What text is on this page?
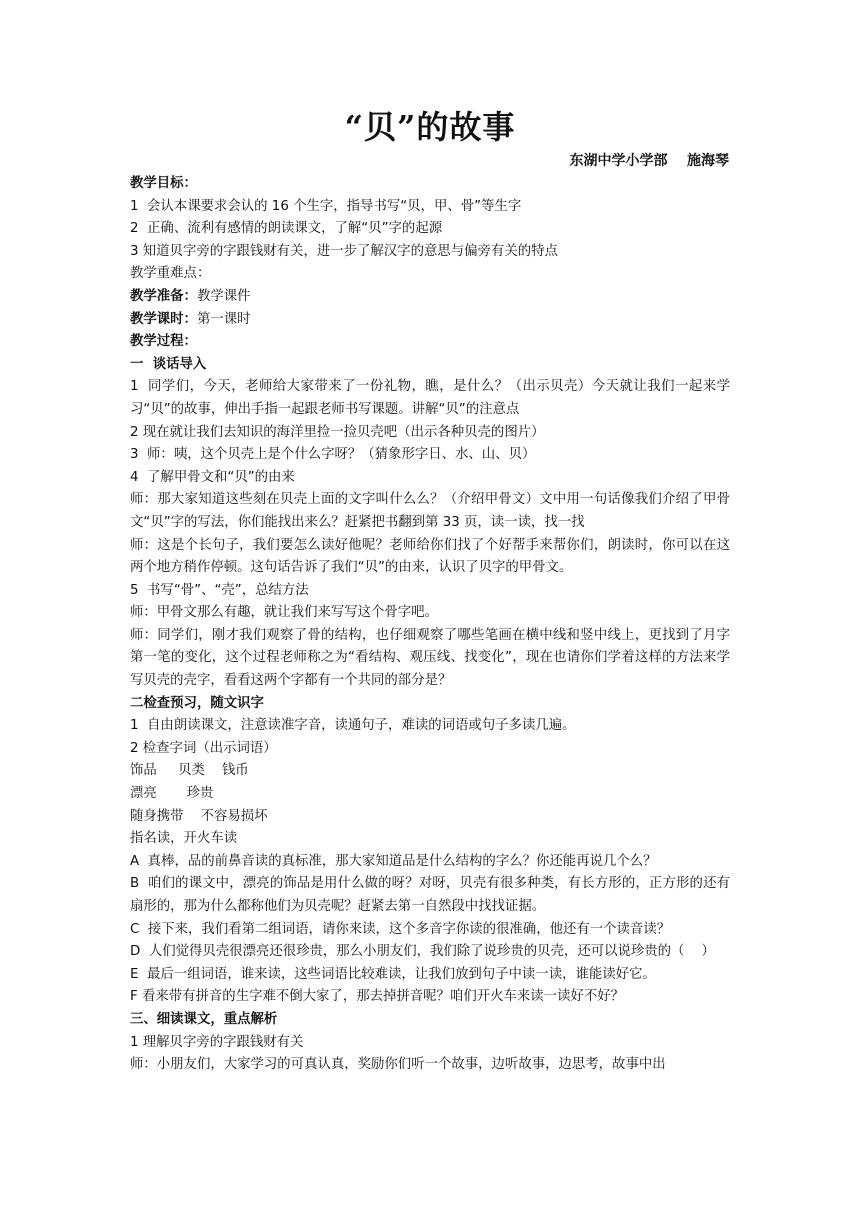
“贝”的故事
东湖中学小学部    施海琴

教学目标：

1  会认本课要求会认的 16 个生字，指导书写“贝，甲、骨”等生字

2  正确、流利有感情的朗读课文，了解“贝”字的起源

3 知道贝字旁的字跟钱财有关，进一步了解汉字的意思与偏旁有关的特点

教学重难点：

教学准备：教学课件

教学课时：第一课时

教学过程：

一  谈话导入

1  同学们，今天，老师给大家带来了一份礼物，瞧，是什么？（出示贝壳）今天就让我们一起来学习“贝”的故事，伸出手指一起跟老师书写课题。讲解“贝”的注意点

2 现在就让我们去知识的海洋里捡一捡贝壳吧（出示各种贝壳的图片）

3  师：咦，这个贝壳上是个什么字呀？（猜象形字日、水、山、贝）

4  了解甲骨文和“贝”的由来

师：那大家知道这些刻在贝壳上面的文字叫什么么？（介绍甲骨文）文中用一句话像我们介绍了甲骨文“贝”字的写法，你们能找出来么？赶紧把书翻到第 33 页，读一读，找一找

师：这是个长句子，我们要怎么读好他呢？老师给你们找了个好帮手来帮你们，朗读时，你可以在这两个地方稍作停顿。这句话告诉了我们“贝”的由来，认识了贝字的甲骨文。

5  书写“骨”、“壳”，总结方法

师：甲骨文那么有趣，就让我们来写写这个骨字吧。

师：同学们，刚才我们观察了骨的结构，也仔细观察了哪些笔画在横中线和竖中线上，更找到了月字第一笔的变化，这个过程老师称之为“看结构、观压线、找变化”，现在也请你们学着这样的方法来学写贝壳的壳字，看看这两个字都有一个共同的部分是？

二检查预习，随文识字

1  自由朗读课文，注意读准字音，读通句子，难读的词语或句子多读几遍。

2 检查字词（出示词语）

饰品     贝类    钱币

漂亮       珍贵

随身携带    不容易损坏

指名读，开火车读

A  真棒，品的前鼻音读的真标准，那大家知道品是什么结构的字么？你还能再说几个么？

B  咱们的课文中，漂亮的饰品是用什么做的呀？对呀，贝壳有很多种类，有长方形的，正方形的还有扇形的，那为什么都称他们为贝壳呢？赶紧去第一自然段中找找证据。

C  接下来，我们看第二组词语，请你来读，这个多音字你读的很准确，他还有一个读音读？

D  人们觉得贝壳很漂亮还很珍贵，那么小朋友们，我们除了说珍贵的贝壳，还可以说珍贵的（    ）

E  最后一组词语，谁来读，这些词语比较难读，让我们放到句子中读一读，谁能读好它。

F 看来带有拼音的生字难不倒大家了，那去掉拼音呢？咱们开火车来读一读好不好？

三、细读课文，重点解析

1 理解贝字旁的字跟钱财有关

师：小朋友们，大家学习的可真认真，奖励你们听一个故事，边听故事，边思考，故事中出
